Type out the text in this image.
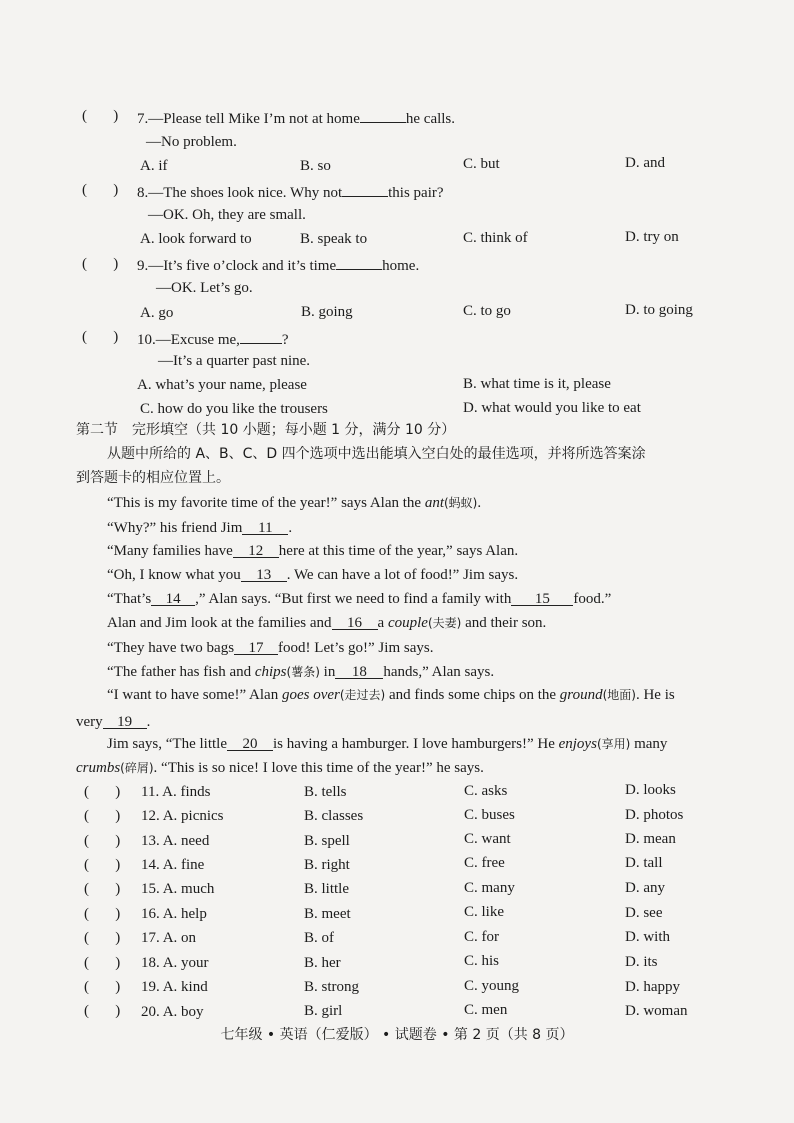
(       ) 7.—Please tell Mike I’m not at home	he calls.
—No problem.
A. if	B. so	C. but	D. and
(       ) 8.—The shoes look nice. Why not	this pair?
—OK. Oh, they are small.
A. look forward to	B. speak to	C. think of	D. try on
(       ) 9.—It’s five o’clock and it’s time	home.
—OK. Let’s go.
A. go	B. going	C. to go	D. to going
(       ) 10.—Excuse me,	?
—It’s a quarter past nine.
A. what’s your name, please	B. what time is it, please
C. how do you like the trousers	D. what would you like to eat
第二节　完形填空（共 10 小题；每小题 1 分，满分 10 分）
从题中所给的 A、B、C、D 四个选项中选出能填入空白处的最佳选项，并将所选答案涂
到答题卡的相应位置上。
“This is my favorite time of the year!” says Alan the ant(蚂蚁).
“Why?” his friend Jim 11 .
“Many families have 12 here at this time of the year,” says Alan.
“Oh, I know what you 13 . We can have a lot of food!” Jim says.
“That’s 14 ,” Alan says. “But first we need to find a family with 15 food.”
Alan and Jim look at the families and 16 a couple(夫妻) and their son.
“They have two bags 17 food! Let’s go!” Jim says.
“The father has fish and chips(薯条) in 18 hands,” Alan says.
“I want to have some!” Alan goes over(走过去) and finds some chips on the ground(地面). He is
very 19 .
Jim says, “The little 20 is having a hamburger. I love hamburgers!” He enjoys(享用) many
crumbs(碎屑). “This is so nice! I love this time of the year!” he says.
(       ) 11. A. finds	B. tells	C. asks	D. looks
(       ) 12. A. picnics	B. classes	C. buses	D. photos
(       ) 13. A. need	B. spell	C. want	D. mean
(       ) 14. A. fine	B. right	C. free	D. tall
(       ) 15. A. much	B. little	C. many	D. any
(       ) 16. A. help	B. meet	C. like	D. see
(       ) 17. A. on	B. of	C. for	D. with
(       ) 18. A. your	B. her	C. his	D. its
(       ) 19. A. kind	B. strong	C. young	D. happy
(       ) 20. A. boy	B. girl	C. men	D. woman
七年级 • 英语（仁爱版） • 试题卷 • 第 2 页（共 8 页）
